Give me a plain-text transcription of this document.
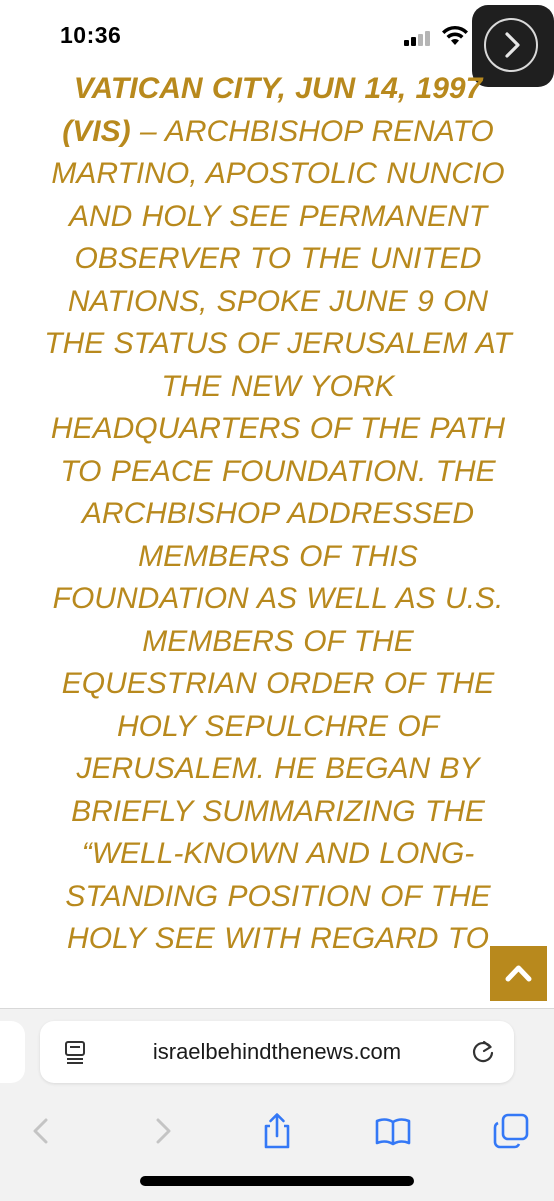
10:36

VATICAN CITY, JUN 14, 1997 (VIS) – ARCHBISHOP RENATO MARTINO, APOSTOLIC NUNCIO AND HOLY SEE PERMANENT OBSERVER TO THE UNITED NATIONS, SPOKE JUNE 9 ON THE STATUS OF JERUSALEM AT THE NEW YORK HEADQUARTERS OF THE PATH TO PEACE FOUNDATION. THE ARCHBISHOP ADDRESSED MEMBERS OF THIS FOUNDATION AS WELL AS U.S. MEMBERS OF THE EQUESTRIAN ORDER OF THE HOLY SEPULCHRE OF JERUSALEM. HE BEGAN BY BRIEFLY SUMMARIZING THE “WELL-KNOWN AND LONG-STANDING POSITION OF THE HOLY SEE WITH REGARD TO

israelbehindthenews.com
